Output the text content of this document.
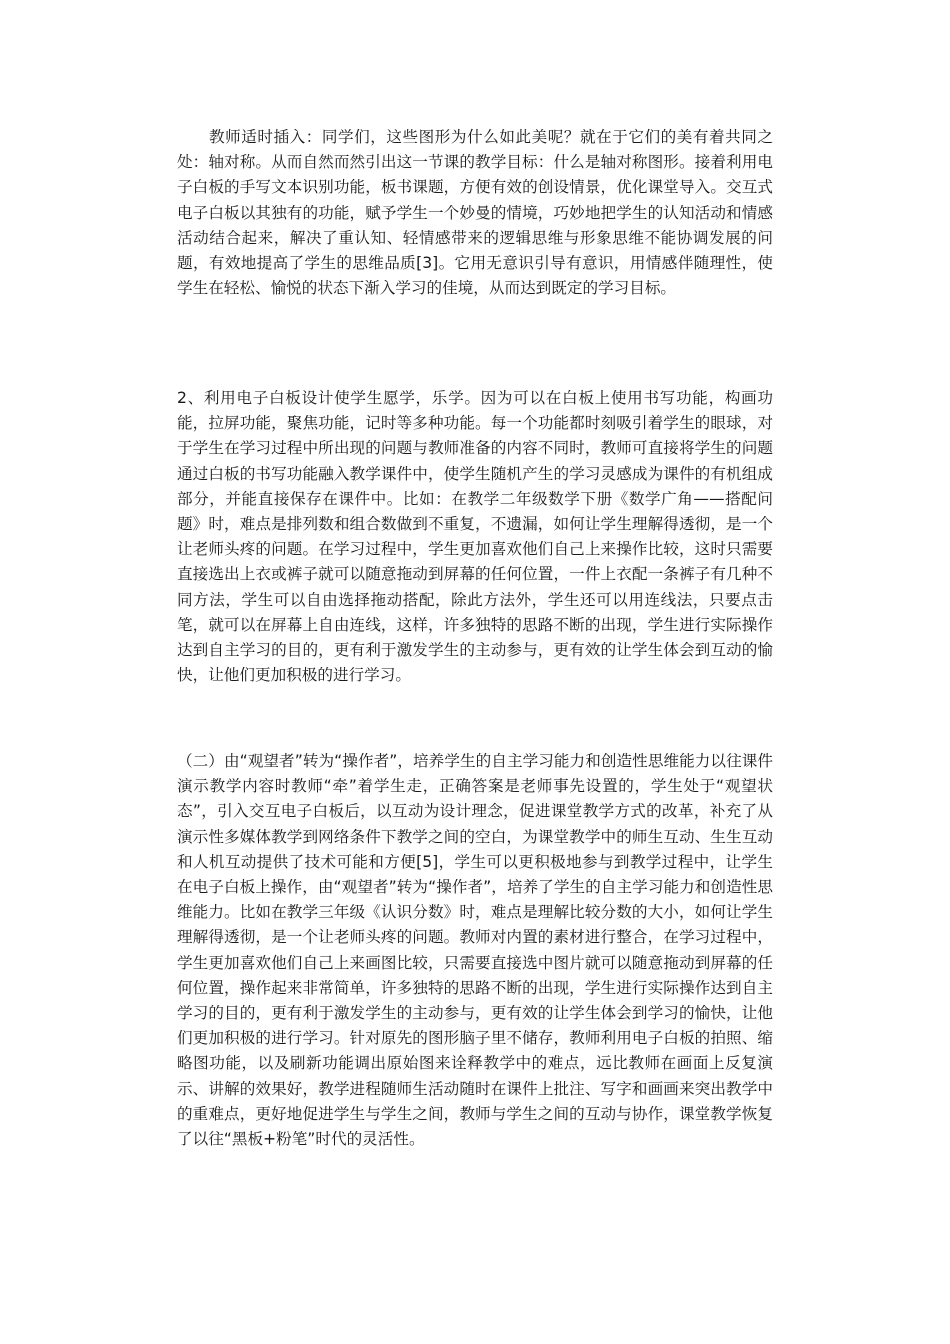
教师适时插入：同学们，这些图形为什么如此美呢？就在于它们的美有着共同之处：轴对称。从而自然而然引出这一节课的教学目标：什么是轴对称图形。接着利用电子白板的手写文本识别功能，板书课题，方便有效的创设情景，优化课堂导入。交互式电子白板以其独有的功能，赋予学生一个妙曼的情境，巧妙地把学生的认知活动和情感活动结合起来，解决了重认知、轻情感带来的逻辑思维与形象思维不能协调发展的问题，有效地提高了学生的思维品质[3]。它用无意识引导有意识，用情感伴随理性，使学生在轻松、愉悦的状态下渐入学习的佳境，从而达到既定的学习目标。

2、利用电子白板设计使学生愿学，乐学。因为可以在白板上使用书写功能，构画功能，拉屏功能，聚焦功能，记时等多种功能。每一个功能都时刻吸引着学生的眼球，对于学生在学习过程中所出现的问题与教师准备的内容不同时，教师可直接将学生的问题通过白板的书写功能融入教学课件中，使学生随机产生的学习灵感成为课件的有机组成部分，并能直接保存在课件中。比如：在教学二年级数学下册《数学广角——搭配问题》时，难点是排列数和组合数做到不重复，不遗漏，如何让学生理解得透彻，是一个让老师头疼的问题。在学习过程中，学生更加喜欢他们自己上来操作比较，这时只需要直接选出上衣或裤子就可以随意拖动到屏幕的任何位置，一件上衣配一条裤子有几种不同方法，学生可以自由选择拖动搭配，除此方法外，学生还可以用连线法，只要点击笔，就可以在屏幕上自由连线，这样，许多独特的思路不断的出现，学生进行实际操作达到自主学习的目的，更有利于激发学生的主动参与，更有效的让学生体会到互动的愉快，让他们更加积极的进行学习。

（二）由“观望者”转为“操作者”，培养学生的自主学习能力和创造性思维能力以往课件演示教学内容时教师“牵”着学生走，正确答案是老师事先设置的，学生处于“观望状态”，引入交互电子白板后，以互动为设计理念，促进课堂教学方式的改革，补充了从演示性多媒体教学到网络条件下教学之间的空白，为课堂教学中的师生互动、生生互动和人机互动提供了技术可能和方便[5]，学生可以更积极地参与到教学过程中，让学生在电子白板上操作，由“观望者”转为“操作者”，培养了学生的自主学习能力和创造性思维能力。比如在教学三年级《认识分数》时，难点是理解比较分数的大小，如何让学生理解得透彻，是一个让老师头疼的问题。教师对内置的素材进行整合，在学习过程中，学生更加喜欢他们自己上来画图比较，只需要直接选中图片就可以随意拖动到屏幕的任何位置，操作起来非常简单，许多独特的思路不断的出现，学生进行实际操作达到自主学习的目的，更有利于激发学生的主动参与，更有效的让学生体会到学习的愉快，让他们更加积极的进行学习。针对原先的图形脑子里不储存，教师利用电子白板的拍照、缩略图功能，以及刷新功能调出原始图来诠释教学中的难点，远比教师在画面上反复演示、讲解的效果好，教学进程随师生活动随时在课件上批注、写字和画画来突出教学中的重难点，更好地促进学生与学生之间，教师与学生之间的互动与协作，课堂教学恢复了以往“黑板+粉笔”时代的灵活性。
